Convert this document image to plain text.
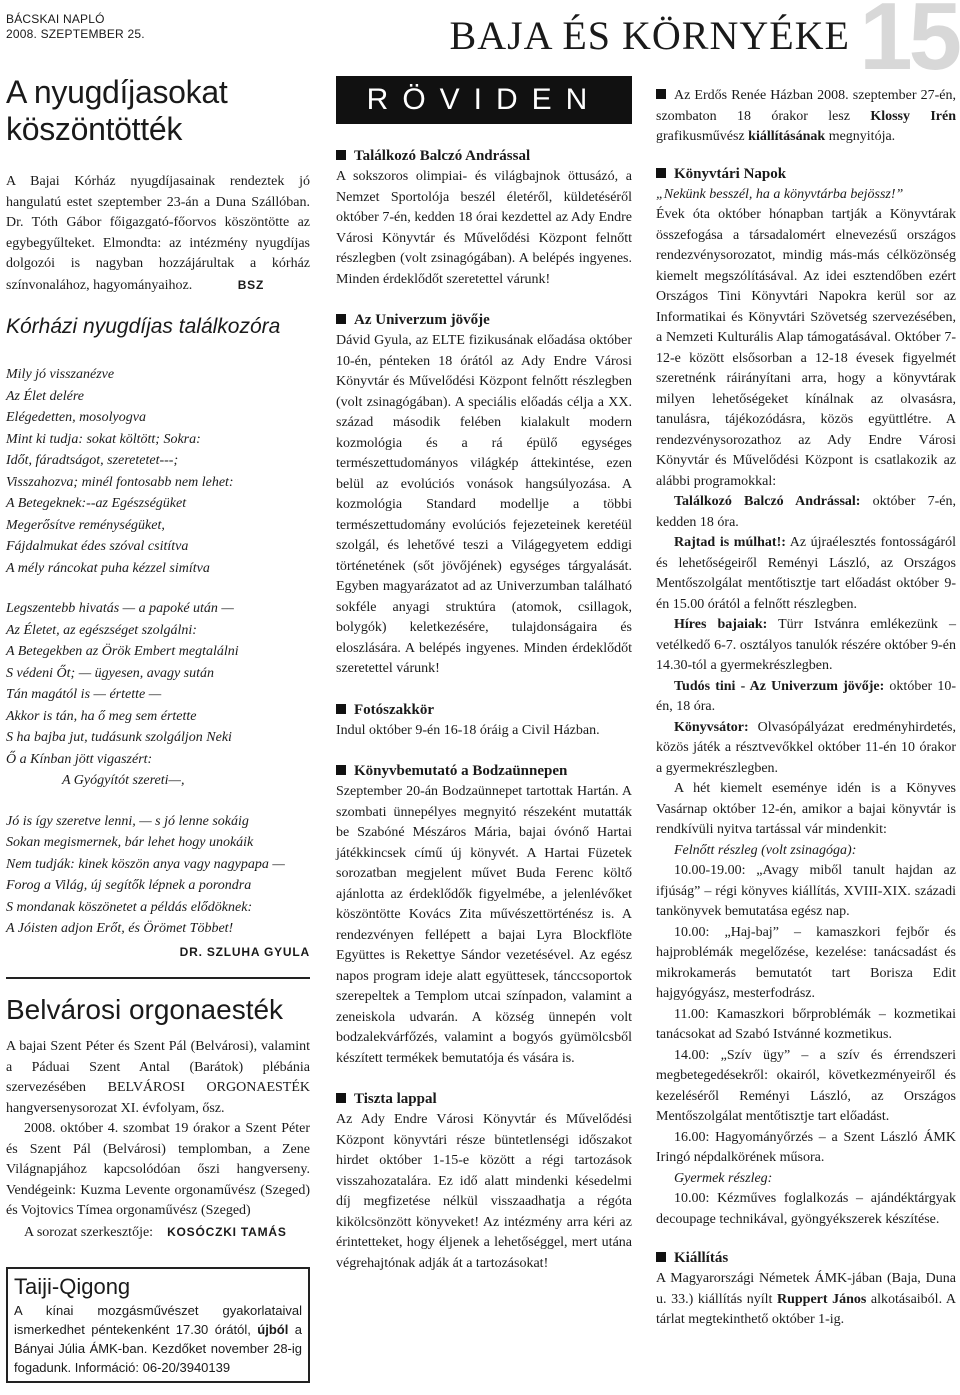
BÁCSKAI NAPLÓ
2008. SZEPTEMBER 25.	15
BAJA ÉS KÖRNYÉKE
A nyugdíjasokat köszöntötték

A Bajai Kórház nyugdíjasainak rendeztek jó hangulatú estet szeptember 23-án a Duna Szállóban. Dr. Tóth Gábor főigazgató-főorvos köszöntötte az egybegyűlteket. Elmondta: az intézmény nyugdíjas dolgozói is nagyban hozzájárultak a kórház színvonalához, hagyományaihoz.	BSZ

Kórházi nyugdíjas találkozóra

Mily jó visszanézve

Az Élet delére

Elégedetten, mosolyogva

Mint ki tudja: sokat költött; Sokra:

Időt, fáradtságot, szeretetet---;

Visszahozva; minél fontosabb nem lehet:

A Betegeknek:--az Egészségüket

Megerősítve reménységüket,

Fájdalmukat édes szóval csitítva

A mély ráncokat puha kézzel simítva

Legszentebb hivatás — a papoké után —

Az Életet, az egészséget szolgálni:

A Betegekben az Örök Embert megtalálni

S védeni Őt; — ügyesen, avagy sután

Tán magától is — értette —

Akkor is tán, ha ő meg sem értette

S ha bajba jut, tudásunk szolgáljon Neki

Ő a Kínban jött vigaszért:

A Gyógyítót szereti—,

Jó is így szeretve lenni, — s jó lenne sokáig

Sokan megismernek, bár lehet hogy unokáik

Nem tudják: kinek köszön anya vagy nagypapa —

Forog a Világ, új segítők lépnek a porondra

S mondanak köszönetet a példás elődöknek:

A Jóisten adjon Erőt, és Örömet Többet!

DR. SZLUHA GYULA

Belvárosi orgonaesték

A bajai Szent Péter és Szent Pál (Belvárosi), valamint a Páduai Szent Antal (Barátok) plébánia szervezésében BELVÁROSI ORGONAESTÉK hangversenysorozat XI. évfolyam, ősz.

2008. október 4. szombat 19 órakor a Szent Péter és Szent Pál (Belvárosi) templomban, a Zene Világnapjához kapcsolódóan őszi hangverseny. Vendégeink: Kuzma Levente orgonaművész (Szeged) és Vojtovics Tímea orgonaművész (Szeged)

A sorozat szerkesztője: KOSÓCZKI TAMÁS

Taiji-Qigong

A kínai mozgásművészet gyakorlataival ismerkedhet péntekenként 17.30 órától, újból a Bányai Júlia ÁMK-ban. Kezdőket november 28-ig fogadunk. Információ: 06-20/3940139

RÖVIDEN
Találkozó Balczó Andrással

A sokszoros olimpiai- és világbajnok öttusázó, a Nemzet Sportolója beszél életéről, küldetéséről október 7-én, kedden 18 órai kezdettel az Ady Endre Városi Könyvtár és Művelődési Központ felnőtt részlegben (volt zsinagógában). A belépés ingyenes. Minden érdeklődőt szeretettel várunk!

Az Univerzum jövője

Dávid Gyula, az ELTE fizikusának előadása október 10-én, pénteken 18 órától az Ady Endre Városi Könyvtár és Művelődési Központ felnőtt részlegben (volt zsinagógában). A speciális előadás célja a XX. század második felében kialakult modern kozmológia és a rá épülő egységes természettudományos világkép áttekintése, ezen belül az evolúciós vonások hangsúlyozása. A kozmológia Standard modellje a többi természettudomány evolúciós fejezeteinek keretéül szolgál, és lehetővé teszi a Világegyetem eddigi történetének (sőt jövőjének) egységes tárgyalását. Egyben magyarázatot ad az Univerzumban található sokféle anyagi struktúra (atomok, csillagok, bolygók) keletkezésére, tulajdonságaira és eloszlására. A belépés ingyenes. Minden érdeklődőt szeretettel várunk!

Fotószakkör

Indul október 9-én 16-18 óráig a Civil Házban.

Könyvbemutató a Bodzaünnepen

Szeptember 20-án Bodzaünnepet tartottak Hartán. A szombati ünnepélyes megnyitó részeként mutatták be Szabóné Mészáros Mária, bajai óvónő Hartai játékkincsek című új könyvét. A Hartai Füzetek sorozatban megjelent művet Buda Ferenc költő ajánlotta az érdeklődők figyelmébe, a jelenlévőket köszöntötte Kovács Zita művészettörténész is. A rendezvényen fellépett a bajai Lyra Blockflöte Együttes is Rekettye Sándor vezetésével. Az egész napos program ideje alatt együttesek, tánccsoportok szerepeltek a Templom utcai színpadon, valamint a zeneiskola udvarán. A község ünnepén volt bodzalekvárfőzés, valamint a bogyós gyümölcsből készített termékek bemutatója és vására is.

Tiszta lappal

Az Ady Endre Városi Könyvtár és Művelődési Központ könyvtári része büntetlenségi időszakot hirdet október 1-15-e között a régi tartozások visszahozatalára. Ez idő alatt mindenki késedelmi díj megfizetése nélkül visszaadhatja a régóta kikölcsönzött könyveket! Az intézmény arra kéri az érintetteket, hogy éljenek a lehetőséggel, mert utána végrehajtónak adják át a tartozásokat!

Az Erdős Renée Házban 2008. szeptember 27-én, szombaton 18 órakor lesz Klossy Irén grafikusművész kiállításának megnyitója.

Könyvtári Napok

„Nekünk besszél, ha a könyvtárba bejössz!”

Évek óta október hónapban tartják a Könyvtárak összefogása a társadalomért elnevezésű országos rendezvénysorozatot, mindig más-más célközönség kiemelt megszólításával. Az idei esztendőben ezért Országos Tini Könyvtári Napokra kerül sor az Informatikai és Könyvtári Szövetség szervezésében, a Nemzeti Kulturális Alap támogatásával. Október 7-12-e között elsősorban a 12-18 évesek figyelmét szeretnénk ráirányítani arra, hogy a könyvtárak milyen lehetőségeket kínálnak az olvasásra, tanulásra, tájékozódásra, közös együttlétre. A rendezvénysorozathoz az Ady Endre Városi Könyvtár és Művelődési Központ is csatlakozik az alábbi programokkal:

Találkozó Balczó Andrással: október 7-én, kedden 18 óra.

Rajtad is múlhat!: Az újraélesztés fontosságáról és lehetőségeiről Reményi László, az Országos Mentőszolgálat mentőtisztje tart előadást október 9-én 15.00 órától a felnőtt részlegben.

Híres bajaiak: Türr Istvánra emlékezünk – vetélkedő 6-7. osztályos tanulók részére október 9-én 14.30-tól a gyermekrészlegben.

Tudós tini - Az Univerzum jövője: október 10-én, 18 óra.

Könyvsátor: Olvasópályázat eredményhirdetés, közös játék a résztvevőkkel október 11-én 10 órakor a gyermekrészlegben.

A hét kiemelt eseménye idén is a Könyves Vasárnap október 12-én, amikor a bajai könyvtár is rendkívüli nyitva tartással vár mindenkit:

Felnőtt részleg (volt zsinagóga):

10.00-19.00: „Avagy miből tanult hajdan az ifjúság” – régi könyves kiállítás, XVIII-XIX. századi tankönyvek bemutatása egész nap.

10.00: „Haj-baj” – kamaszkori fejbőr és hajproblémák megelőzése, kezelése: tanácsadást és mikrokamerás bemutatót tart Borisza Edit hajgyógyász, mesterfodrász.

11.00: Kamaszkori bőrproblémák – kozmetikai tanácsokat ad Szabó Istvánné kozmetikus.

14.00: „Szív ügy” – a szív és érrendszeri megbetegedésekről: okairól, következményeiről és kezeléséről Reményi László, az Országos Mentőszolgálat mentőtisztje tart előadást.

16.00: Hagyományőrzés – a Szent László ÁMK Iringó népdalkörének műsora.

Gyermek részleg:

10.00: Kézműves foglalkozás – ajándéktárgyak decoupage technikával, gyöngyékszerek készítése.

Kiállítás

A Magyarországi Németek ÁMK-jában (Baja, Duna u. 33.) kiállítás nyílt Ruppert János alkotásaiból. A tárlat megtekinthető október 1-ig.
